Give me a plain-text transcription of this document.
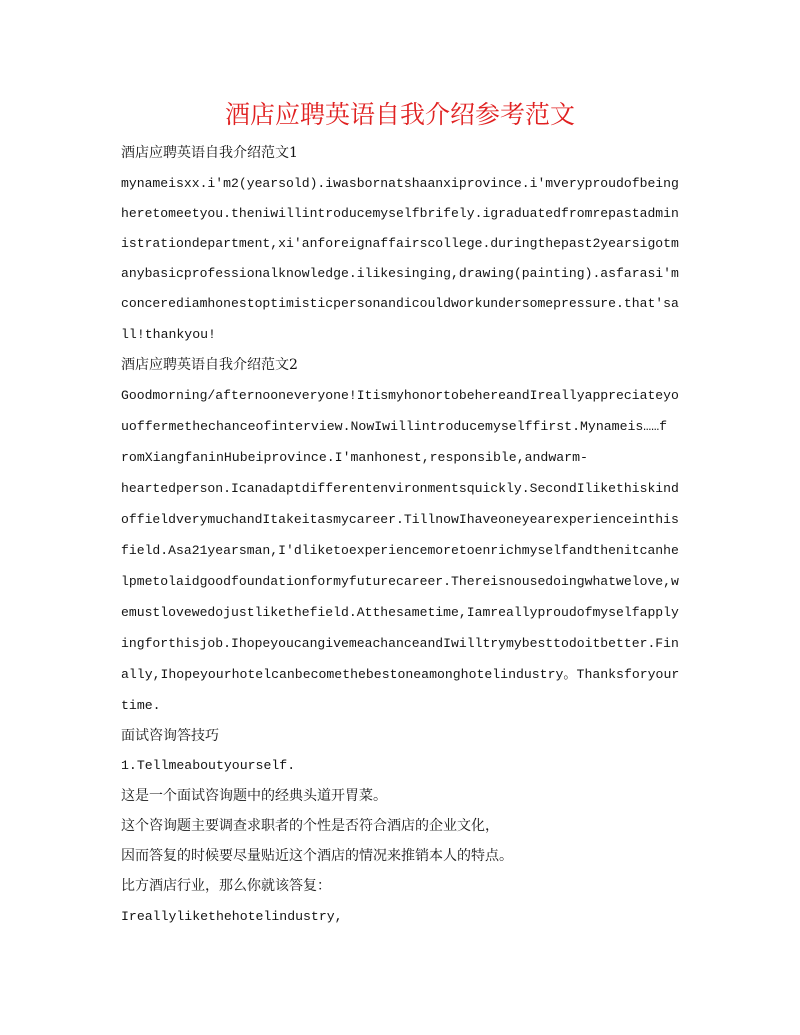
酒店应聘英语自我介绍参考范文
酒店应聘英语自我介绍范文1
mynameisxx.i'm2(yearsold).iwasbornatshaanxiprovince.i'mveryproudofbeing
heretomeetyou.theniwillintroducemyselfbrifely.igraduatedfromrepastadmin
istrationdepartment,xi'anforeignaffairscollege.duringthepast2yearsigotm
anybasicprofessionalknowledge.ilikesinging,drawing(painting).asfarasi'm
concerediamhonestoptimisticpersonandicouldworkundersomepressure.that'sa
ll!thankyou!
酒店应聘英语自我介绍范文2
Goodmorning/afternooneveryone!ItismyhonortobehereandIreallyappreciateyo
uoffermethechanceofinterview.NowIwillintroducemyselffirst.Mynameis……f
romXiangfaninHubeiprovince.I'manhonest,responsible,andwarm-
heartedperson.Icanadaptdifferentenvironmentsquickly.SecondIlikethiskind
offieldverymuchandItakeitasmycareer.TillnowIhaveoneyearexperienceinthis
field.Asa21yearsman,I'dliketoexperiencemoretoenrichmyselfandthenitcanhe
lpmetolaidgoodfoundationformyfuturecareer.Thereisnousedoingwhatwelove,w
emustlovewedojustlikethefield.Atthesametime,Iamreallyproudofmyselfapply
ingforthisjob.IhopeyoucangivemeachanceandIwilltrymybesttodoitbetter.Fin
ally,Ihopeyourhotelcanbecomethebestoneamonghotelindustry。Thanksforyour
time.
面试咨询答技巧
1.Tellmeaboutyourself.
这是一个面试咨询题中的经典头道开胃菜。
这个咨询题主要调查求职者的个性是否符合酒店的企业文化，
因而答复的时候要尽量贴近这个酒店的情况来推销本人的特点。
比方酒店行业，那么你就该答复：
Ireallylikethehotelindustry,
